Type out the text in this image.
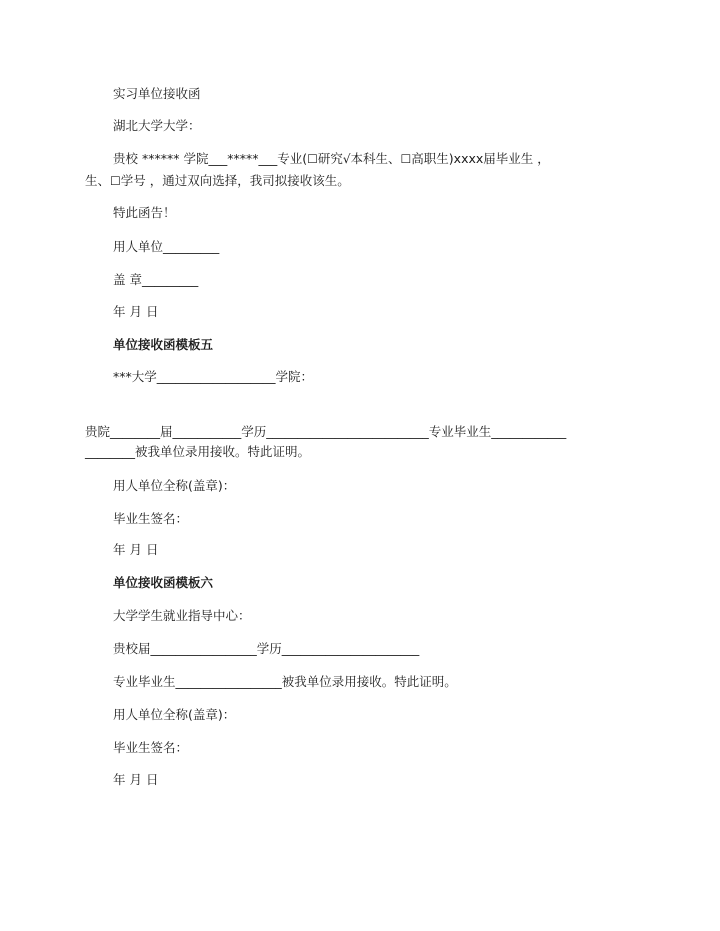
实习单位接收函
湖北大学大学：
贵校 ****** 学院___*****___专业(☐研究√本科生、☐高职生)xxxx届毕业生 ，
生、☐学号 ，通过双向选择，我司拟接收该生。
特此函告！
用人单位_________
盖 章_________
年 月 日
单位接收函模板五
***大学___________________学院：
贵院________届___________学历__________________________专业毕业生____________
________被我单位录用接收。特此证明。
用人单位全称(盖章)：
毕业生签名：
年 月 日
单位接收函模板六
大学学生就业指导中心：
贵校届_________________学历______________________
专业毕业生_________________被我单位录用接收。特此证明。
用人单位全称(盖章)：
毕业生签名：
年 月 日
